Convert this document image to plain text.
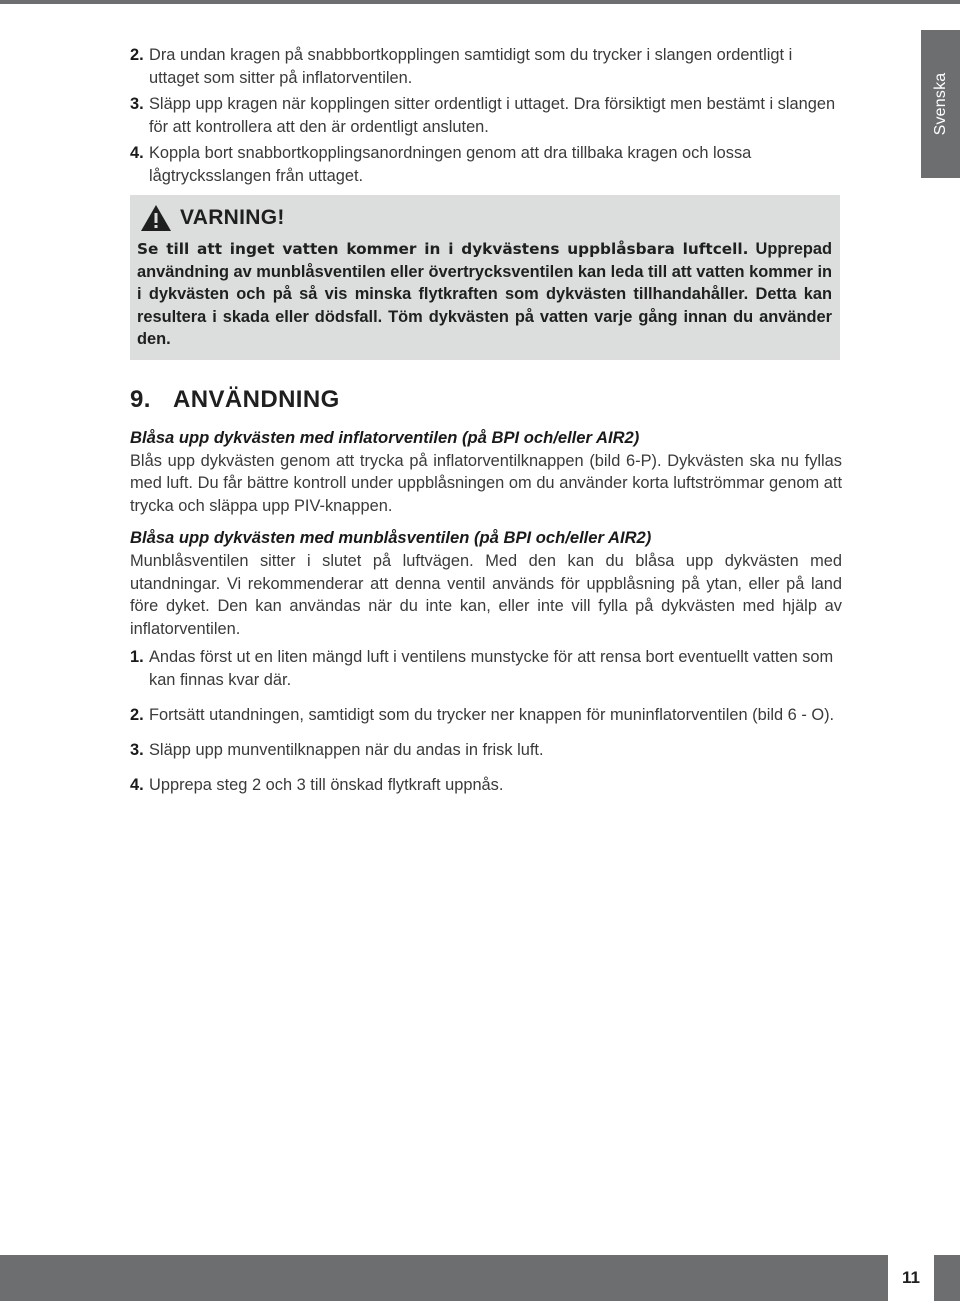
Svenska
2. Dra undan kragen på snabbbortkopplingen samtidigt som du trycker i slangen ordentligt i uttaget som sitter på inflatorventilen.
3. Släpp upp kragen när kopplingen sitter ordentligt i uttaget. Dra försiktigt men bestämt i slangen för att kontrollera att den är ordentligt ansluten.
4. Koppla bort snabbortkopplingsanordningen genom att dra tillbaka kragen och lossa lågtrycksslangen från uttaget.
VARNING!
Se till att inget vatten kommer in i dykvästens uppblåsbara luftcell. Upprepad användning av munblåsventilen eller övertrycksventilen kan leda till att vatten kommer in i dykvästen och på så vis minska flytkraften som dykvästen tillhandahåller. Detta kan resultera i skada eller dödsfall. Töm dykvästen på vatten varje gång innan du använder den.
9. ANVÄNDNING
Blåsa upp dykvästen med inflatorventilen (på BPI och/eller AIR2)
Blås upp dykvästen genom att trycka på inflatorventilknappen (bild 6-P). Dykvästen ska nu fyllas med luft. Du får bättre kontroll under uppblåsningen om du använder korta luftströmmar genom att trycka och släppa upp PIV-knappen.
Blåsa upp dykvästen med munblåsventilen (på BPI och/eller AIR2)
Munblåsventilen sitter i slutet på luftvägen. Med den kan du blåsa upp dykvästen med utandningar. Vi rekommenderar att denna ventil används för uppblåsning på ytan, eller på land före dyket. Den kan användas när du inte kan, eller inte vill fylla på dykvästen med hjälp av inflatorventilen.
1. Andas först ut en liten mängd luft i ventilens munstycke för att rensa bort eventuellt vatten som kan finnas kvar där.
2. Fortsätt utandningen, samtidigt som du trycker ner knappen för muninflatorventilen (bild 6 - O).
3. Släpp upp munventilknappen när du andas in frisk luft.
4. Upprepa steg 2 och 3 till önskad flytkraft uppnås.
11
